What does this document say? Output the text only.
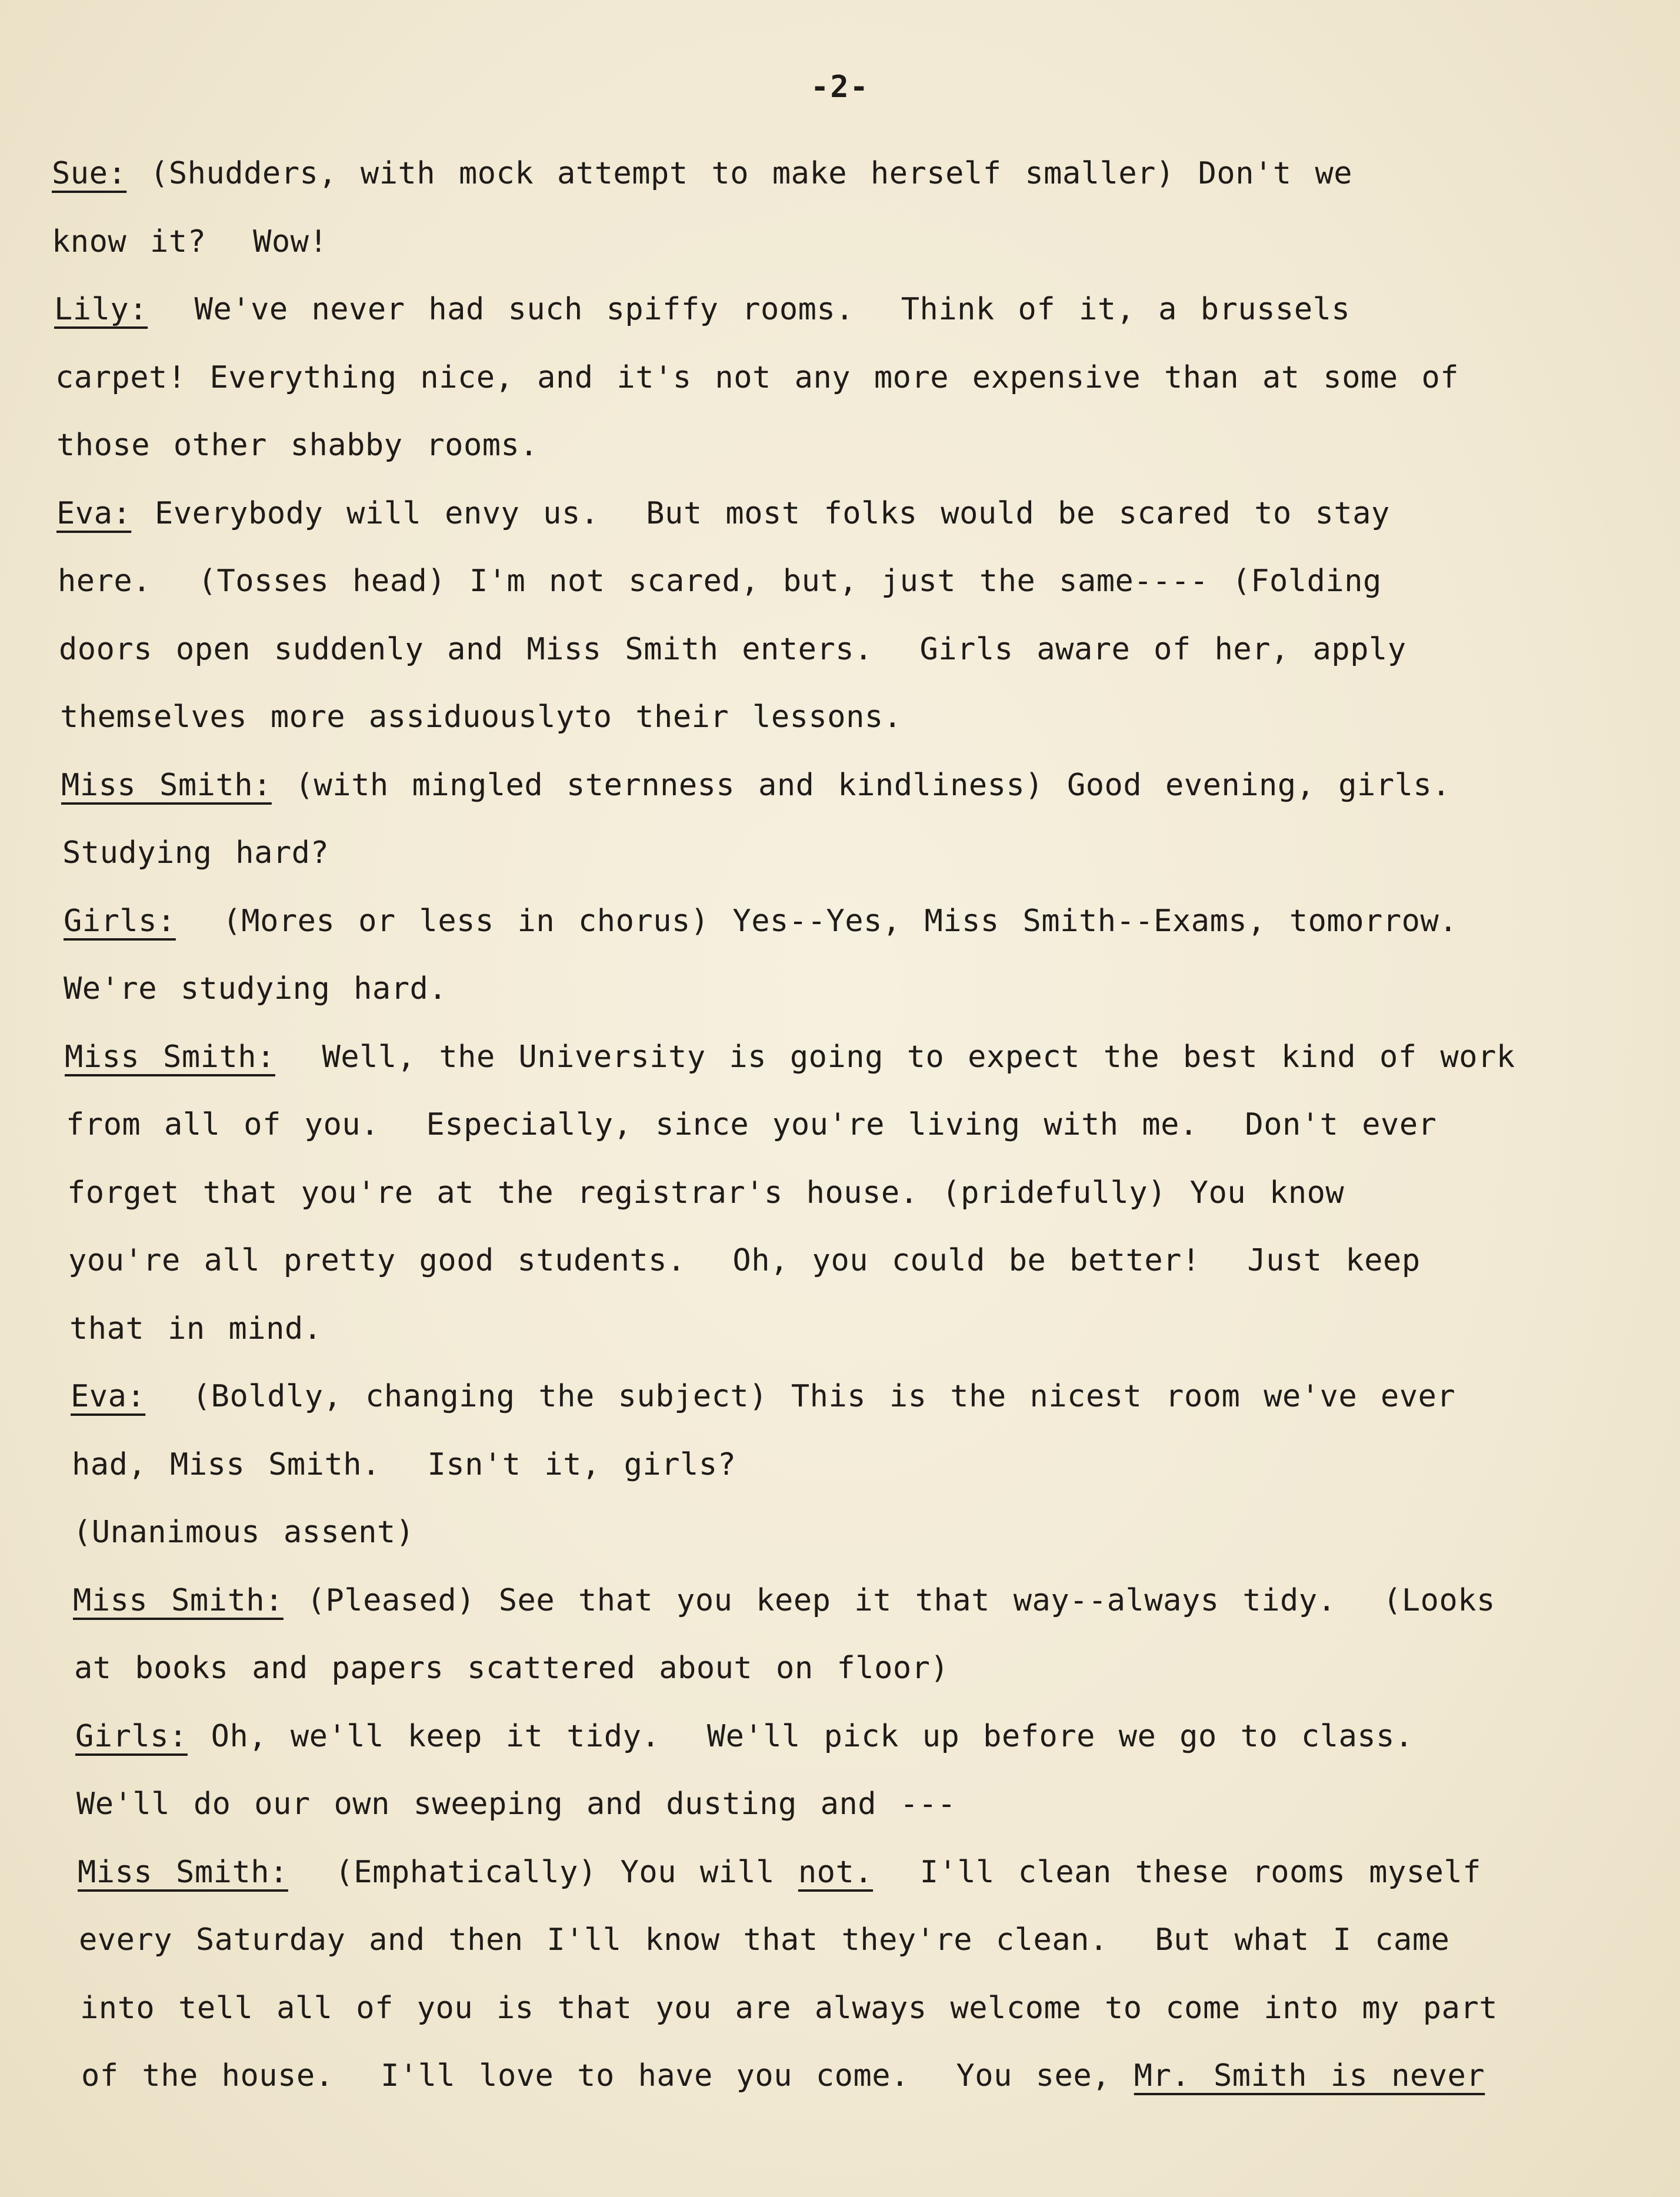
-2-
Sue: (Shudders, with mock attempt to make herself smaller) Don't we
know it?  Wow!
Lily:  We've never had such spiffy rooms.  Think of it, a brussels
carpet! Everything nice, and it's not any more expensive than at some of
those other shabby rooms.
Eva: Everybody will envy us.  But most folks would be scared to stay
here.  (Tosses head) I'm not scared, but, just the same---- (Folding
doors open suddenly and Miss Smith enters.  Girls aware of her, apply
themselves more assiduouslyto their lessons.
Miss Smith: (with mingled sternness and kindliness) Good evening, girls.
Studying hard?
Girls:  (Mores or less in chorus) Yes--Yes, Miss Smith--Exams, tomorrow.
We're studying hard.
Miss Smith:  Well, the University is going to expect the best kind of work
from all of you.  Especially, since you're living with me.  Don't ever
forget that you're at the registrar's house. (pridefully) You know
you're all pretty good students.  Oh, you could be better!  Just keep
that in mind.
Eva:  (Boldly, changing the subject) This is the nicest room we've ever
had, Miss Smith.  Isn't it, girls?
(Unanimous assent)
Miss Smith: (Pleased) See that you keep it that way--always tidy.  (Looks
at books and papers scattered about on floor)
Girls: Oh, we'll keep it tidy.  We'll pick up before we go to class.
We'll do our own sweeping and dusting and ---
Miss Smith:  (Emphatically) You will not.  I'll clean these rooms myself
every Saturday and then I'll know that they're clean.  But what I came
into tell all of you is that you are always welcome to come into my part
of the house.  I'll love to have you come.  You see, Mr. Smith is never
